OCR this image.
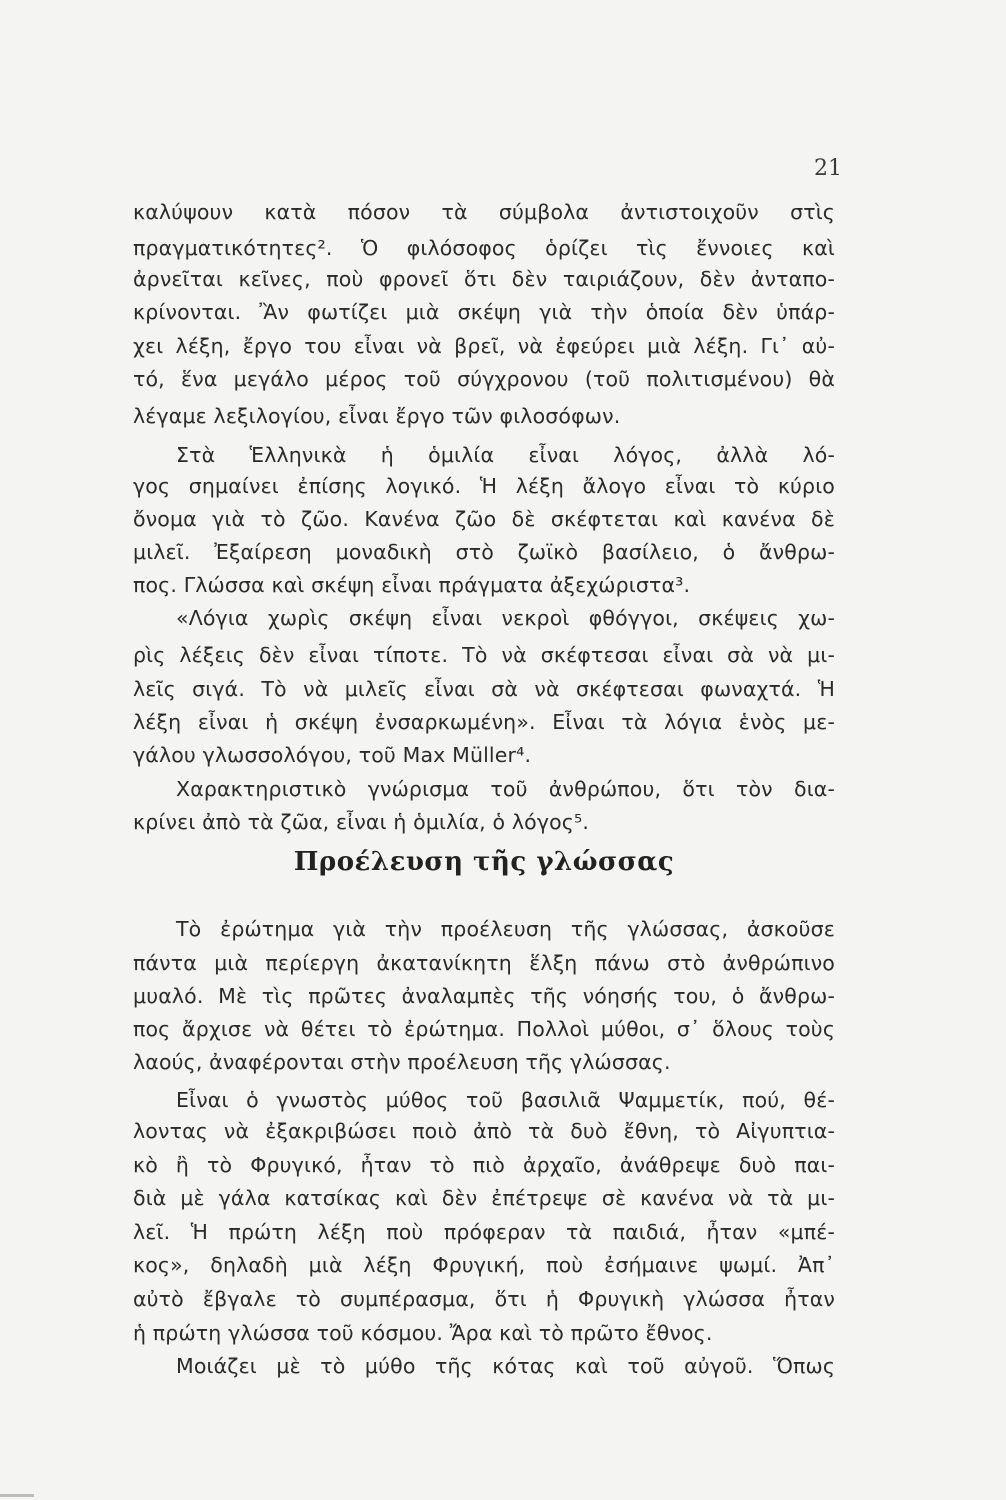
21
καλύψουν κατὰ πόσον τὰ σύμβολα ἀντιστοιχοῦν στὶς
πραγματικότητες². Ὁ φιλόσοφος ὁρίζει τὶς ἔννοιες καὶ
ἀρνεῖται κεῖνες, ποὺ φρονεῖ ὅτι δὲν ταιριάζουν, δὲν ἀνταπο-
κρίνονται. Ἂν φωτίζει μιὰ σκέψη γιὰ τὴν ὁποία δὲν ὑπάρ-
χει λέξη, ἔργο του εἶναι νὰ βρεῖ, νὰ ἐφεύρει μιὰ λέξη. Γι᾽ αὐ-
τό, ἕνα μεγάλο μέρος τοῦ σύγχρονου (τοῦ πολιτισμένου) θὰ
λέγαμε λεξιλογίου, εἶναι ἔργο τῶν φιλοσόφων.
Στὰ Ἑλληνικὰ ἡ ὁμιλία εἶναι λόγος, ἀλλὰ λό-
γος σημαίνει ἐπίσης λογικό. Ἡ λέξη ἄλογο εἶναι τὸ κύριο
ὄνομα γιὰ τὸ ζῶο. Κανένα ζῶο δὲ σκέφτεται καὶ κανένα δὲ
μιλεῖ. Ἐξαίρεση μοναδικὴ στὸ ζωϊκὸ βασίλειο, ὁ ἄνθρω-
πος. Γλώσσα καὶ σκέψη εἶναι πράγματα ἀξεχώριστα³.
«Λόγια χωρὶς σκέψη εἶναι νεκροὶ φθόγγοι, σκέψεις χω-
ρὶς λέξεις δὲν εἶναι τίποτε. Τὸ νὰ σκέφτεσαι εἶναι σὰ νὰ μι-
λεῖς σιγά. Τὸ νὰ μιλεῖς εἶναι σὰ νὰ σκέφτεσαι φωναχτά. Ἡ
λέξη εἶναι ἡ σκέψη ἐνσαρκωμένη». Εἶναι τὰ λόγια ἑνὸς με-
γάλου γλωσσολόγου, τοῦ Max Müller⁴.
Χαρακτηριστικὸ γνώρισμα τοῦ ἀνθρώπου, ὅτι τὸν δια-
κρίνει ἀπὸ τὰ ζῶα, εἶναι ἡ ὁμιλία, ὁ λόγος⁵.
Τὸ ἐρώτημα γιὰ τὴν προέλευση τῆς γλώσσας, ἀσκοῦσε
πάντα μιὰ περίεργη ἀκατανίκητη ἕλξη πάνω στὸ ἀνθρώπινο
μυαλό. Μὲ τὶς πρῶτες ἀναλαμπὲς τῆς νόησής του, ὁ ἄνθρω-
πος ἄρχισε νὰ θέτει τὸ ἐρώτημα. Πολλοὶ μύθοι, σ᾽ ὅλους τοὺς
λαούς, ἀναφέρονται στὴν προέλευση τῆς γλώσσας.
Εἶναι ὁ γνωστὸς μύθος τοῦ βασιλιᾶ Ψαμμετίκ, πού, θέ-
λοντας νὰ ἐξακριβώσει ποιὸ ἀπὸ τὰ δυὸ ἔθνη, τὸ Αἰγυπτια-
κὸ ἢ τὸ Φρυγικό, ἦταν τὸ πιὸ ἀρχαῖο, ἀνάθρεψε δυὸ παι-
διὰ μὲ γάλα κατσίκας καὶ δὲν ἐπέτρεψε σὲ κανένα νὰ τὰ μι-
λεῖ. Ἡ πρώτη λέξη ποὺ πρόφεραν τὰ παιδιά, ἦταν «μπέ-
κος», δηλαδὴ μιὰ λέξη Φρυγική, ποὺ ἐσήμαινε ψωμί. Ἀπ᾽
αὐτὸ ἔβγαλε τὸ συμπέρασμα, ὅτι ἡ Φρυγικὴ γλώσσα ἦταν
ἡ πρώτη γλώσσα τοῦ κόσμου. Ἄρα καὶ τὸ πρῶτο ἔθνος.
Μοιάζει μὲ τὸ μύθο τῆς κότας καὶ τοῦ αὐγοῦ. Ὅπως
Προέλευση τῆς γλώσσας
